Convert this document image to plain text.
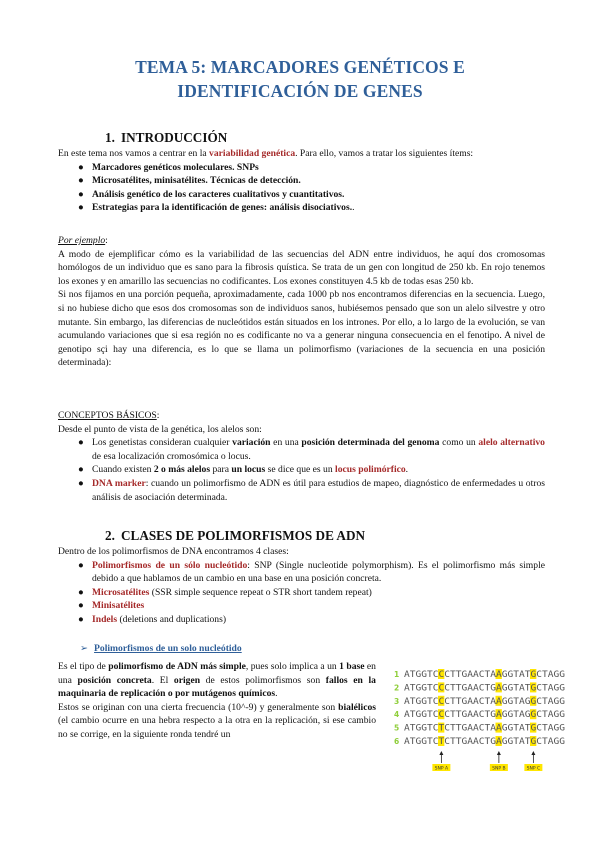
TEMA 5: MARCADORES GENÉTICOS E
IDENTIFICACIÓN DE GENES
1. INTRODUCCIÓN

En este tema nos vamos a centrar en la variabilidad genética. Para ello, vamos a tratar los siguientes ítems:

● Marcadores genéticos moleculares. SNPs
● Microsatélites, minisatélites. Técnicas de detección.
● Análisis genético de los caracteres cualitativos y cuantitativos.
● Estrategias para la identificación de genes: análisis disociativos..

Por ejemplo:

A modo de ejemplificar cómo es la variabilidad de las secuencias del ADN entre individuos, he aquí dos cromosomas homólogos de un individuo que es sano para la fibrosis quística. Se trata de un gen con longitud de 250 kb. En rojo tenemos los exones y en amarillo las secuencias no codificantes. Los exones constituyen 4.5 kb de todas esas 250 kb.

Si nos fijamos en una porción pequeña, aproximadamente, cada 1000 pb nos encontramos diferencias en la secuencia. Luego, si no hubiese dicho que esos dos cromosomas son de individuos sanos, hubiésemos pensado que son un alelo silvestre y otro mutante. Sin embargo, las diferencias de nucleótidos están situados en los intrones. Por ello, a lo largo de la evolución, se van acumulando variaciones que si esa región no es codificante no va a generar ninguna consecuencia en el fenotipo. A nivel de genotipo sçi hay una diferencia, es lo que se llama un polimorfismo (variaciones de la secuencia en una posición determinada):

CONCEPTOS BÁSICOS:

Desde el punto de vista de la genética, los alelos son:

● Los genetistas consideran cualquier variación en una posición determinada del genoma como un alelo alternativo de esa localización cromosómica o locus.
● Cuando existen 2 o más alelos para un locus se dice que es un locus polimórfico.
● DNA marker: cuando un polimorfismo de ADN es útil para estudios de mapeo, diagnóstico de enfermedades u otros análisis de asociación determinada.
2. CLASES DE POLIMORFISMOS DE ADN

Dentro de los polimorfismos de DNA encontramos 4 clases:

● Polimorfismos de un sólo nucleótido: SNP (Single nucleotide polymorphism). Es el polimorfismo más simple debido a que hablamos de un cambio en una base en una posición concreta.
● Microsatélites (SSR simple sequence repeat o STR short tandem repeat)
● Minisatélites
● Indels (deletions and duplications)
➢ Polimorfismos de un solo nucleótido

Es el tipo de polimorfismo de ADN más simple, pues solo implica a un 1 base en una posición concreta. El origen de estos polimorfismos son fallos en la maquinaria de replicación o por mutágenos químicos.

Estos se originan con una cierta frecuencia (10^-9) y generalmente son bialélicos (el cambio ocurre en una hebra respecto a la otra en la replicación, si ese cambio no se corrige, en la siguiente ronda tendré un

1 ATGGTCCCTTGAACTAAGGTATGCTAGG
2 ATGGTCCCTTGAACTGAGGTATGCTAGG
3 ATGGTCCCTTGAACTAAGGTAGGCTAGG
4 ATGGTCCCTTGAACTGAGGTAGGCTAGG
5 ATGGTCTCTTGAACTAAGGTATGCTAGG
6 ATGGTCTCTTGAACTGAGGTATGCTAGG
SNP A	SNP B	SNP C
